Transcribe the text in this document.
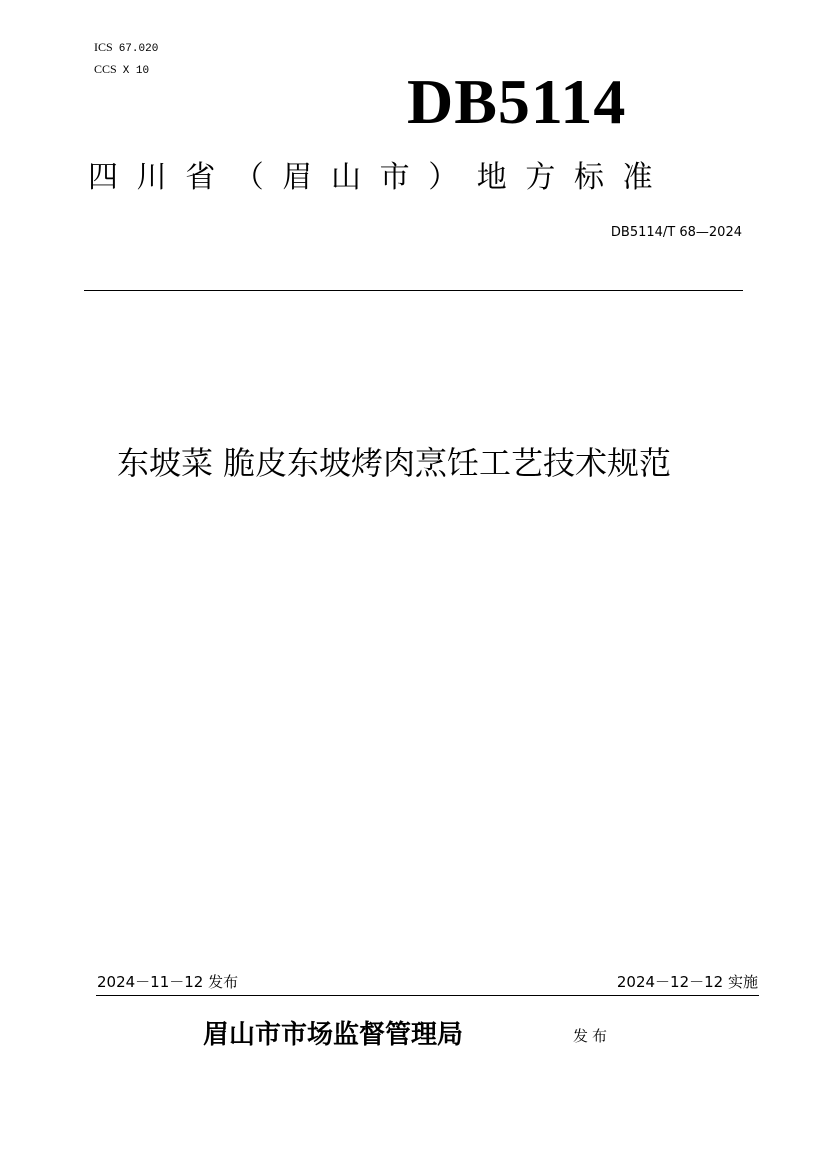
ICS 67.020
CCS X 10	DB5114
四川省（眉山市）地方标准
DB5114/T 68—2024
东坡菜 脆皮东坡烤肉烹饪工艺技术规范
2024－11－12 发布	2024－12－12 实施
眉山市市场监督管理局	发布
